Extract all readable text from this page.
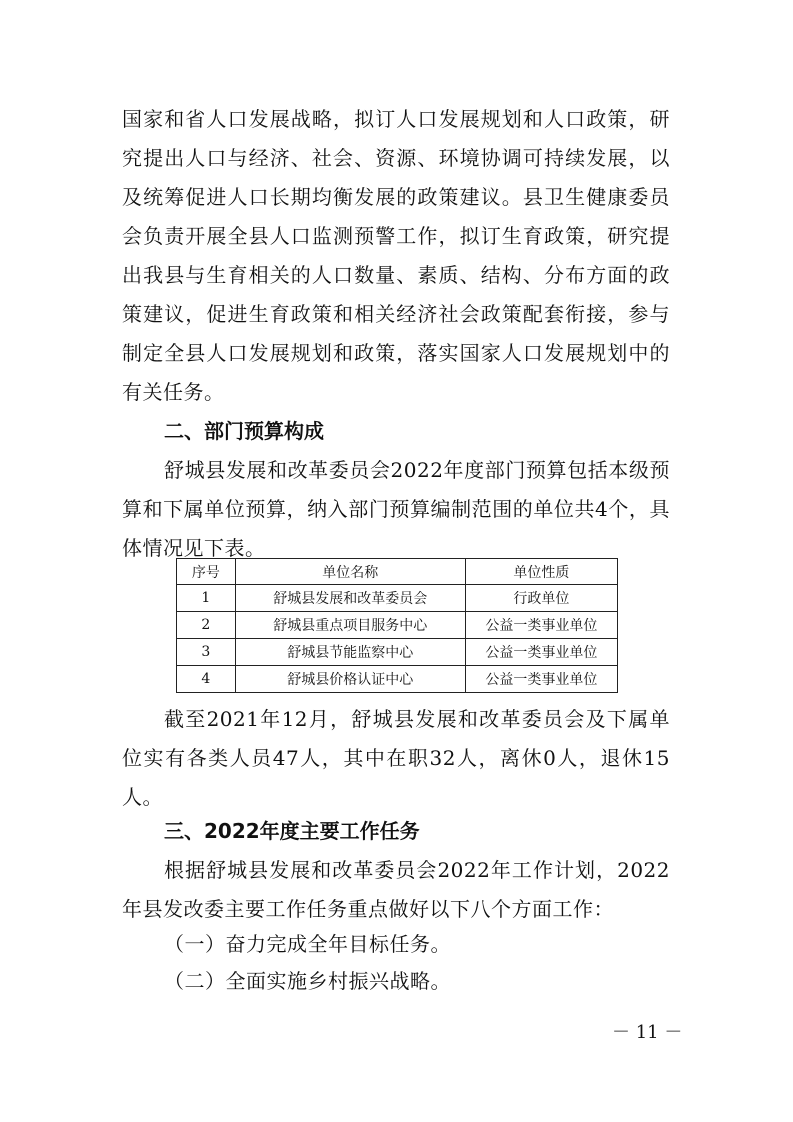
国家和省人口发展战略，拟订人口发展规划和人口政策，研究提出人口与经济、社会、资源、环境协调可持续发展，以及统筹促进人口长期均衡发展的政策建议。县卫生健康委员会负责开展全县人口监测预警工作，拟订生育政策，研究提出我县与生育相关的人口数量、素质、结构、分布方面的政策建议，促进生育政策和相关经济社会政策配套衔接，参与制定全县人口发展规划和政策，落实国家人口发展规划中的有关任务。

二、部门预算构成

舒城县发展和改革委员会2022年度部门预算包括本级预算和下属单位预算，纳入部门预算编制范围的单位共4个，具体情况见下表。

序号	单位名称	单位性质
1	舒城县发展和改革委员会	行政单位
2	舒城县重点项目服务中心	公益一类事业单位
3	舒城县节能监察中心	公益一类事业单位
4	舒城县价格认证中心	公益一类事业单位

截至2021年12月，舒城县发展和改革委员会及下属单位实有各类人员47人，其中在职32人，离休0人，退休15人。

三、2022年度主要工作任务

根据舒城县发展和改革委员会2022年工作计划，2022年县发改委主要工作任务重点做好以下八个方面工作：

（一）奋力完成全年目标任务。

（二）全面实施乡村振兴战略。

－ 11 －
